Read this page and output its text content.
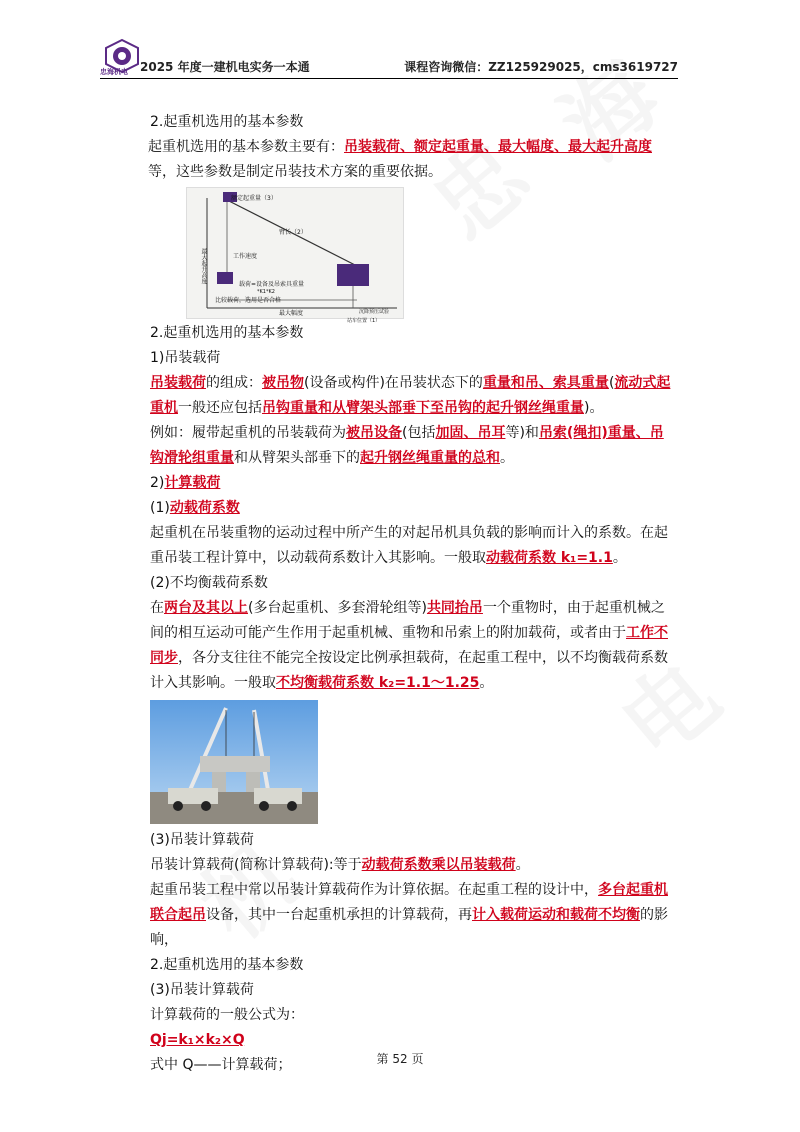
忠海机电 2025 年度一建机电实务一本通	课程咨询微信：ZZ125929025，cms3619727

2.起重机选用的基本参数

起重机选用的基本参数主要有：吊装载荷、额定起重量、最大幅度、最大起升高度等，这些参数是制定吊装技术方案的重要依据。

额定起重量（3）
臂长（2）
工作速度
最大起升高度
载荷=设备及吊索具重量
*K1*K2
比较载荷，选用是否合格
最大幅度	沉降预压试验
站车位置（1）

2.起重机选用的基本参数

1)吊装载荷

吊装载荷的组成：被吊物(设备或构件)在吊装状态下的重量和吊、索具重量(流动式起重机一般还应包括吊钩重量和从臂架头部垂下至吊钩的起升钢丝绳重量)。

例如：履带起重机的吊装载荷为被吊设备(包括加固、吊耳等)和吊索(绳扣)重量、吊钩滑轮组重量和从臂架头部垂下的起升钢丝绳重量的总和。

2)计算载荷

(1)动载荷系数

起重机在吊装重物的运动过程中所产生的对起吊机具负载的影响而计入的系数。在起重吊装工程计算中，以动载荷系数计入其影响。一般取动载荷系数 k₁=1.1。

(2)不均衡载荷系数

在两台及其以上(多台起重机、多套滑轮组等)共同抬吊一个重物时，由于起重机械之间的相互运动可能产生作用于起重机械、重物和吊索上的附加载荷，或者由于工作不同步，各分支往往不能完全按设定比例承担载荷，在起重工程中，以不均衡载荷系数计入其影响。一般取不均衡载荷系数 k₂=1.1～1.25。

(3)吊装计算载荷

吊装计算载荷(简称计算载荷):等于动载荷系数乘以吊装载荷。

起重吊装工程中常以吊装计算载荷作为计算依据。在起重工程的设计中，多台起重机联合起吊设备，其中一台起重机承担的计算载荷，再计入载荷运动和载荷不均衡的影响，

2.起重机选用的基本参数

(3)吊装计算载荷

计算载荷的一般公式为：

Qj=k₁×k₂×Q

式中 Q——计算载荷；	第 52 页
